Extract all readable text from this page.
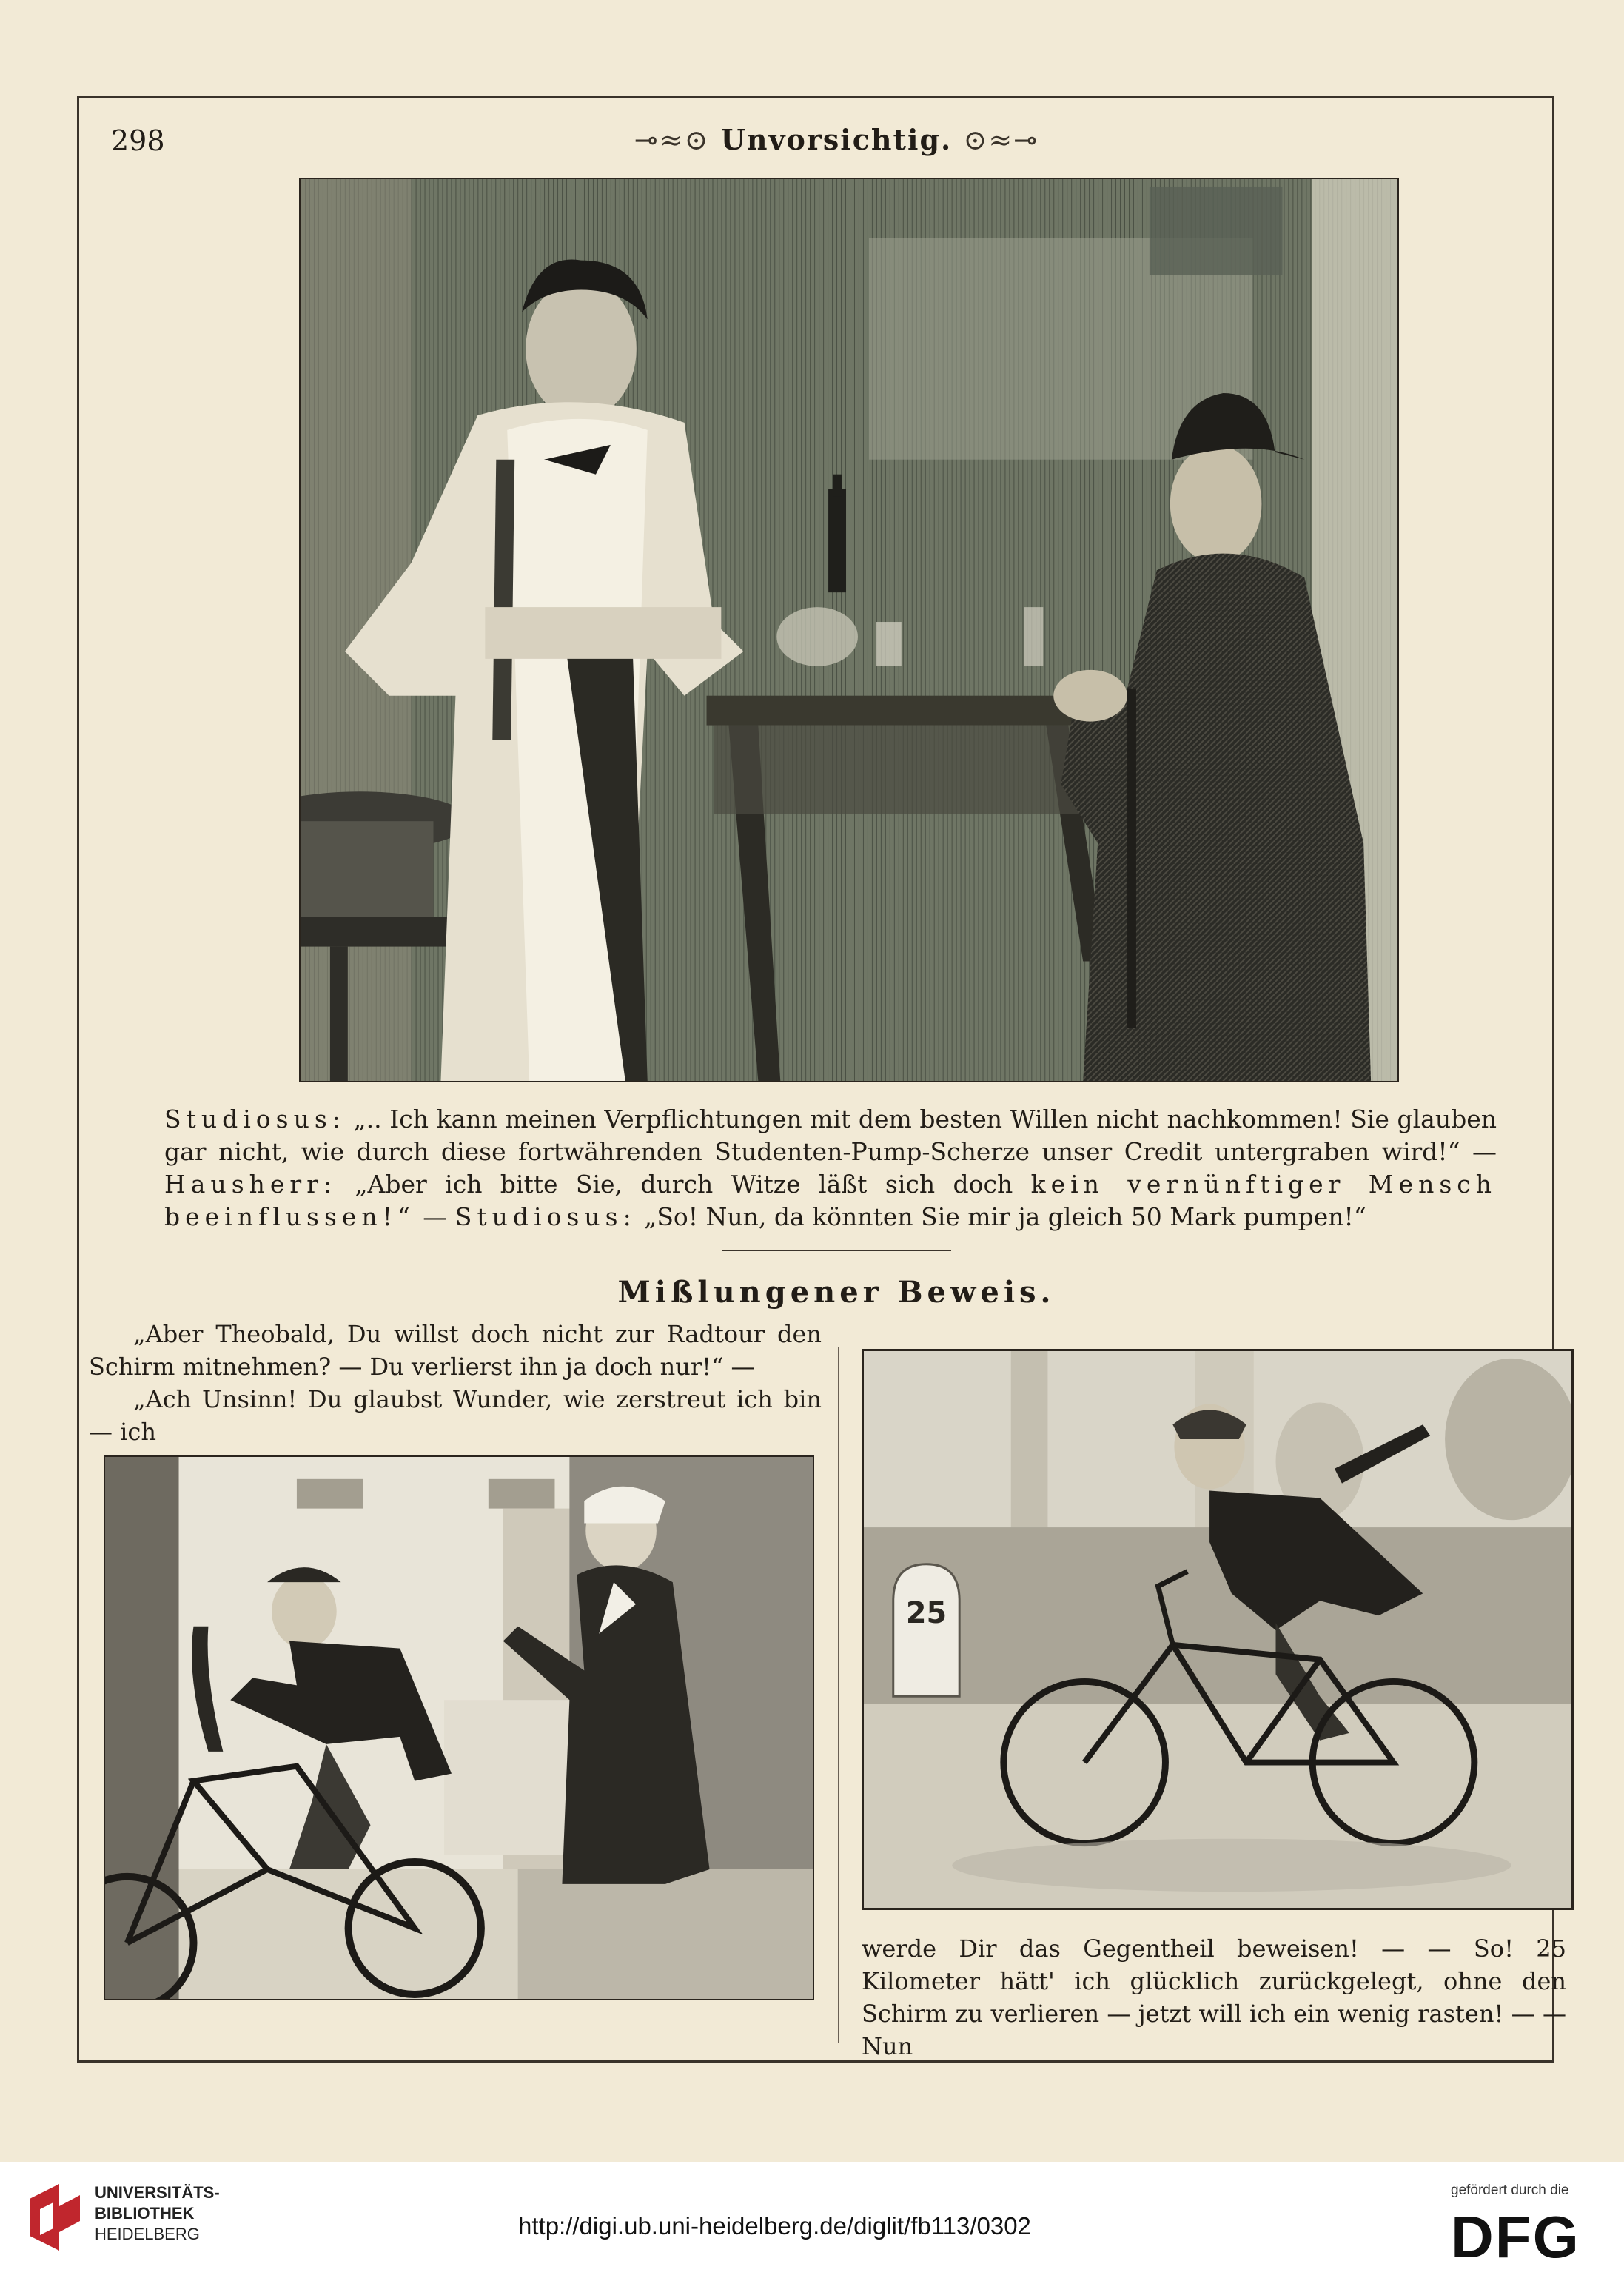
298	⊸≈⊙ Unvorsichtig. ⊙≈⊸

Studiosus: „.. Ich kann meinen Verpflichtungen mit dem besten Willen nicht nachkommen! Sie glauben gar nicht, wie durch diese fortwährenden Studenten-Pump-Scherze unser Credit untergraben wird!“ — Hausherr: „Aber ich bitte Sie, durch Witze läßt sich doch kein vernünftiger Mensch beeinflussen!“ — Studiosus: „So! Nun, da könnten Sie mir ja gleich 50 Mark pumpen!“

Mißlungener Beweis.

„Aber Theobald, Du willst doch nicht zur Radtour den Schirm mitnehmen? — Du verlierst ihn ja doch nur!“ —

„Ach Unsinn! Du glaubst Wunder, wie zerstreut ich bin — ich

25
werde Dir das Gegentheil beweisen! — — So! 25 Kilometer hätt' ich glücklich zurückgelegt, ohne den Schirm zu verlieren — jetzt will ich ein wenig rasten! — — Nun
UNIVERSITÄTS-
BIBLIOTHEK
HEIDELBERG	http://digi.ub.uni-heidelberg.de/diglit/fb113/0302
gefördert durch die
DFG
